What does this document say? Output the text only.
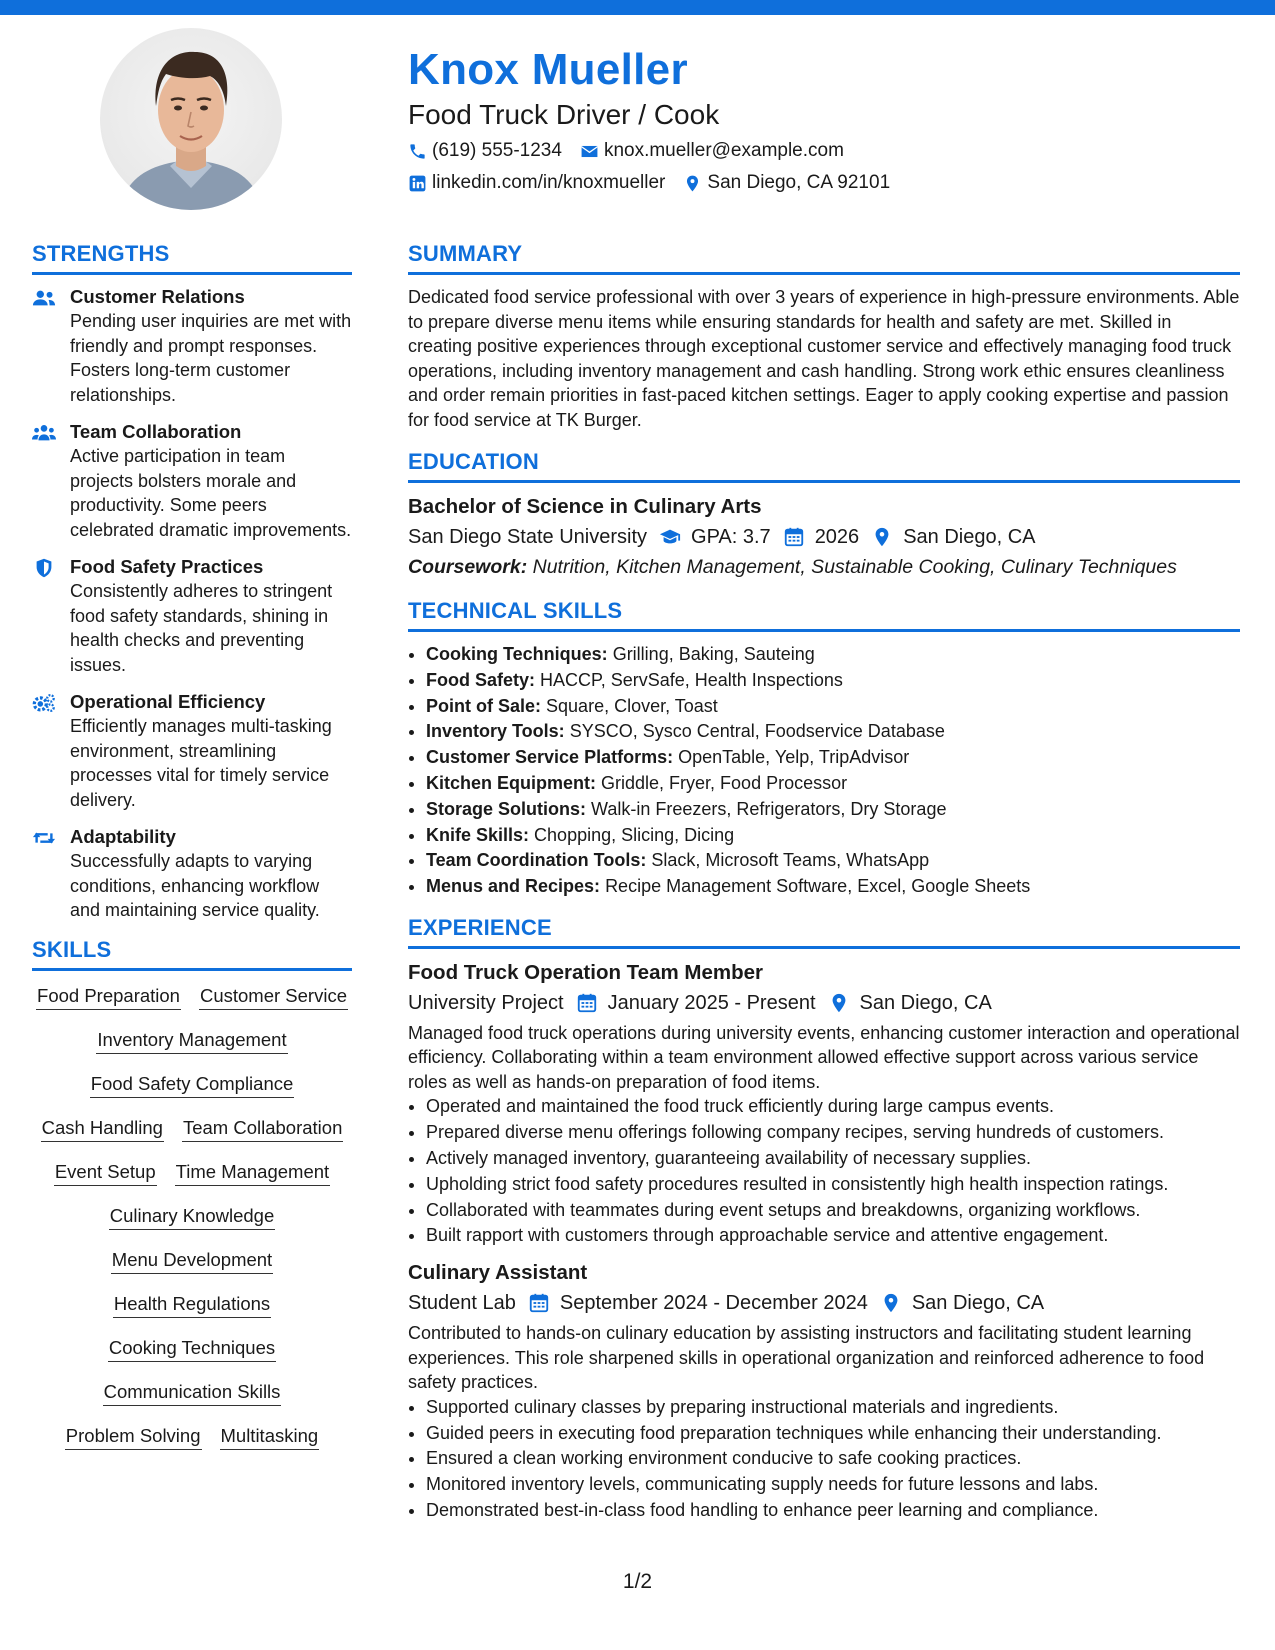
Knox Mueller
Food Truck Driver / Cook
(619) 555-1234 knox.mueller@example.com
linkedin.com/in/knoxmueller San Diego, CA 92101
STRENGTHS
Customer Relations
Pending user inquiries are met with friendly and prompt responses. Fosters long-term customer relationships.
Team Collaboration
Active participation in team projects bolsters morale and productivity. Some peers celebrated dramatic improvements.
Food Safety Practices
Consistently adheres to stringent food safety standards, shining in health checks and preventing issues.
Operational Efficiency
Efficiently manages multi-tasking environment, streamlining processes vital for timely service delivery.
Adaptability
Successfully adapts to varying conditions, enhancing workflow and maintaining service quality.
SKILLS
Food Preparation Customer Service
Inventory Management
Food Safety Compliance
Cash Handling Team Collaboration
Event Setup Time Management
Culinary Knowledge
Menu Development
Health Regulations
Cooking Techniques
Communication Skills
Problem Solving Multitasking
SUMMARY
Dedicated food service professional with over 3 years of experience in high-pressure environments. Able to prepare diverse menu items while ensuring standards for health and safety are met. Skilled in creating positive experiences through exceptional customer service and effectively managing food truck operations, including inventory management and cash handling. Strong work ethic ensures cleanliness and order remain priorities in fast-paced kitchen settings. Eager to apply cooking expertise and passion for food service at TK Burger.
EDUCATION
Bachelor of Science in Culinary Arts
San Diego State University GPA: 3.7 2026 San Diego, CA
Coursework: Nutrition, Kitchen Management, Sustainable Cooking, Culinary Techniques
TECHNICAL SKILLS
• Cooking Techniques: Grilling, Baking, Sauteing
• Food Safety: HACCP, ServSafe, Health Inspections
• Point of Sale: Square, Clover, Toast
• Inventory Tools: SYSCO, Sysco Central, Foodservice Database
• Customer Service Platforms: OpenTable, Yelp, TripAdvisor
• Kitchen Equipment: Griddle, Fryer, Food Processor
• Storage Solutions: Walk-in Freezers, Refrigerators, Dry Storage
• Knife Skills: Chopping, Slicing, Dicing
• Team Coordination Tools: Slack, Microsoft Teams, WhatsApp
• Menus and Recipes: Recipe Management Software, Excel, Google Sheets
EXPERIENCE
Food Truck Operation Team Member
University Project January 2025 - Present San Diego, CA
Managed food truck operations during university events, enhancing customer interaction and operational efficiency. Collaborating within a team environment allowed effective support across various service roles as well as hands-on preparation of food items.
• Operated and maintained the food truck efficiently during large campus events.
• Prepared diverse menu offerings following company recipes, serving hundreds of customers.
• Actively managed inventory, guaranteeing availability of necessary supplies.
• Upholding strict food safety procedures resulted in consistently high health inspection ratings.
• Collaborated with teammates during event setups and breakdowns, organizing workflows.
• Built rapport with customers through approachable service and attentive engagement.
Culinary Assistant
Student Lab September 2024 - December 2024 San Diego, CA
Contributed to hands-on culinary education by assisting instructors and facilitating student learning experiences. This role sharpened skills in operational organization and reinforced adherence to food safety practices.
• Supported culinary classes by preparing instructional materials and ingredients.
• Guided peers in executing food preparation techniques while enhancing their understanding.
• Ensured a clean working environment conducive to safe cooking practices.
• Monitored inventory levels, communicating supply needs for future lessons and labs.
• Demonstrated best-in-class food handling to enhance peer learning and compliance.
1/2
